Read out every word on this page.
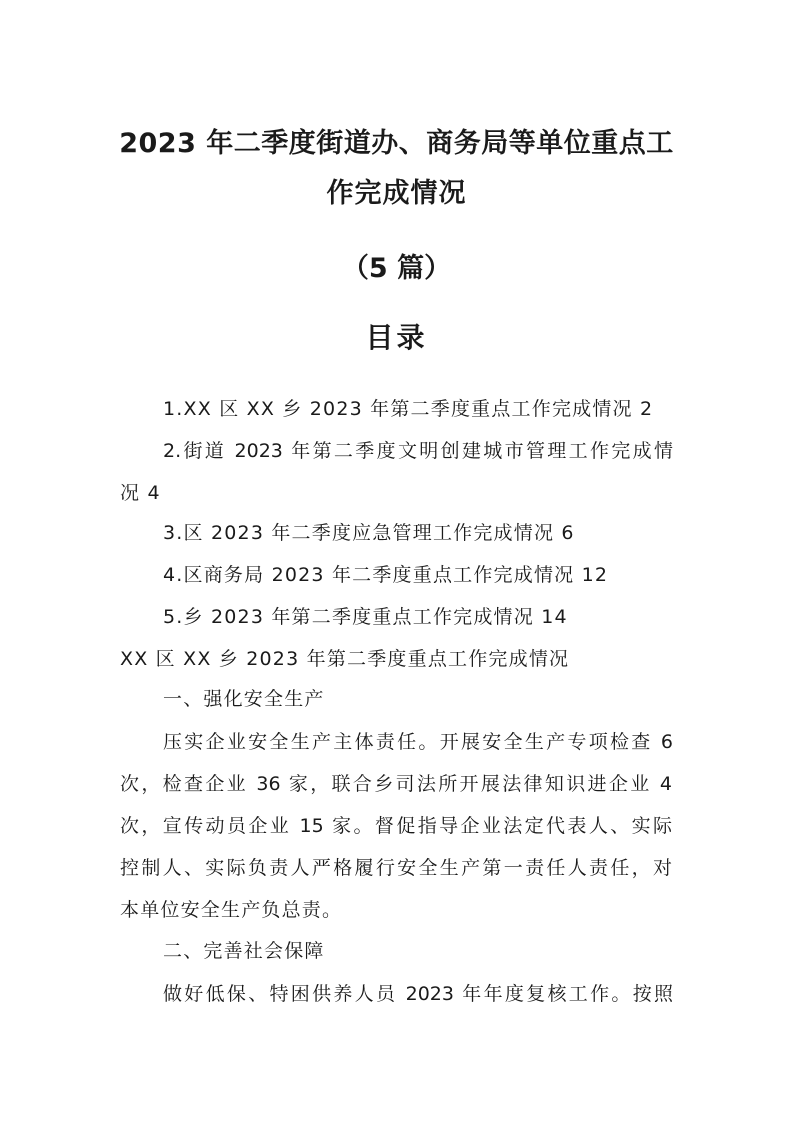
2023 年二季度街道办、商务局等单位重点工
作完成情况
（5 篇）
目录
1.XX 区 XX 乡 2023 年第二季度重点工作完成情况 2
2.街道 2023 年第二季度文明创建城市管理工作完成情
况 4
3.区 2023 年二季度应急管理工作完成情况 6
4.区商务局 2023 年二季度重点工作完成情况 12
5.乡 2023 年第二季度重点工作完成情况 14
XX 区 XX 乡 2023 年第二季度重点工作完成情况
一、强化安全生产
压实企业安全生产主体责任。开展安全生产专项检查 6
次，检查企业 36 家，联合乡司法所开展法律知识进企业 4
次，宣传动员企业 15 家。督促指导企业法定代表人、实际
控制人、实际负责人严格履行安全生产第一责任人责任，对
本单位安全生产负总责。
二、完善社会保障
做好低保、特困供养人员 2023 年年度复核工作。按照
